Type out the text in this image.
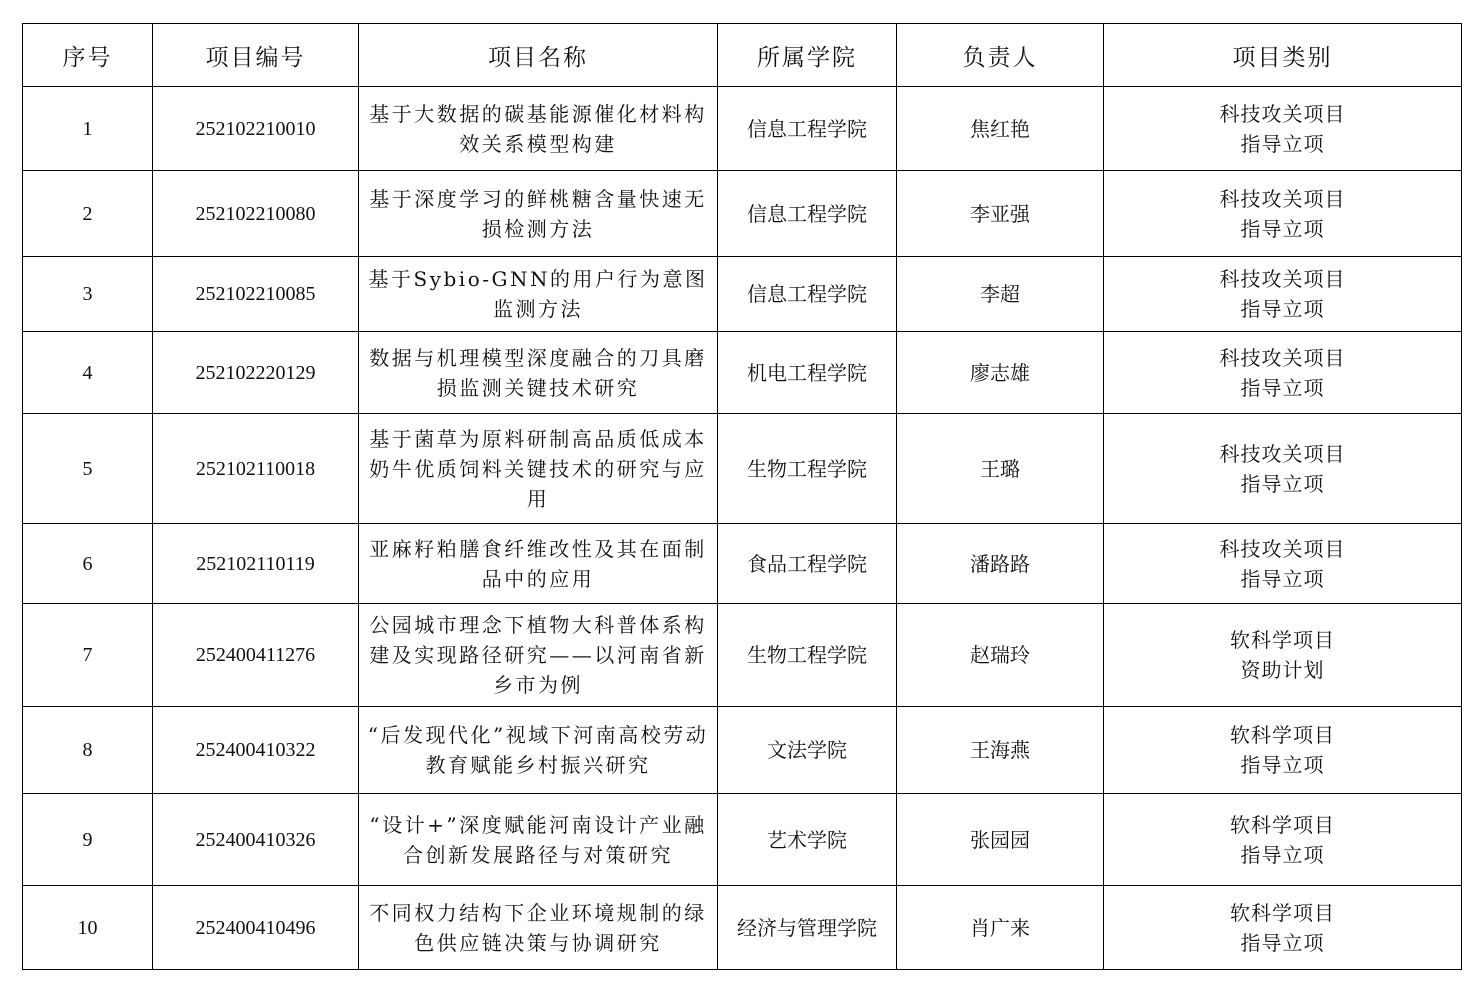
序号	项目编号	项目名称	所属学院	负责人	项目类别
1	252102210010	基于大数据的碳基能源催化材料构效关系模型构建	信息工程学院	焦红艳	科技攻关项目
指导立项

2	252102210080	基于深度学习的鲜桃糖含量快速无损检测方法	信息工程学院	李亚强	科技攻关项目
指导立项

3	252102210085	基于Sybio-GNN的用户行为意图监测方法	信息工程学院	李超	科技攻关项目
指导立项

4	252102220129	数据与机理模型深度融合的刀具磨损监测关键技术研究	机电工程学院	廖志雄	科技攻关项目
指导立项

5	252102110018	基于菌草为原料研制高品质低成本奶牛优质饲料关键技术的研究与应用	生物工程学院	王璐	科技攻关项目
指导立项

6	252102110119	亚麻籽粕膳食纤维改性及其在面制品中的应用	食品工程学院	潘路路	科技攻关项目
指导立项

7	252400411276	公园城市理念下植物大科普体系构建及实现路径研究——以河南省新乡市为例	生物工程学院	赵瑞玲	软科学项目
资助计划

8	252400410322	“后发现代化”视域下河南高校劳动教育赋能乡村振兴研究	文法学院	王海燕	软科学项目
指导立项

9	252400410326	“设计+”深度赋能河南设计产业融合创新发展路径与对策研究	艺术学院	张园园	软科学项目
指导立项

10	252400410496	不同权力结构下企业环境规制的绿色供应链决策与协调研究	经济与管理学院	肖广来	软科学项目
指导立项
